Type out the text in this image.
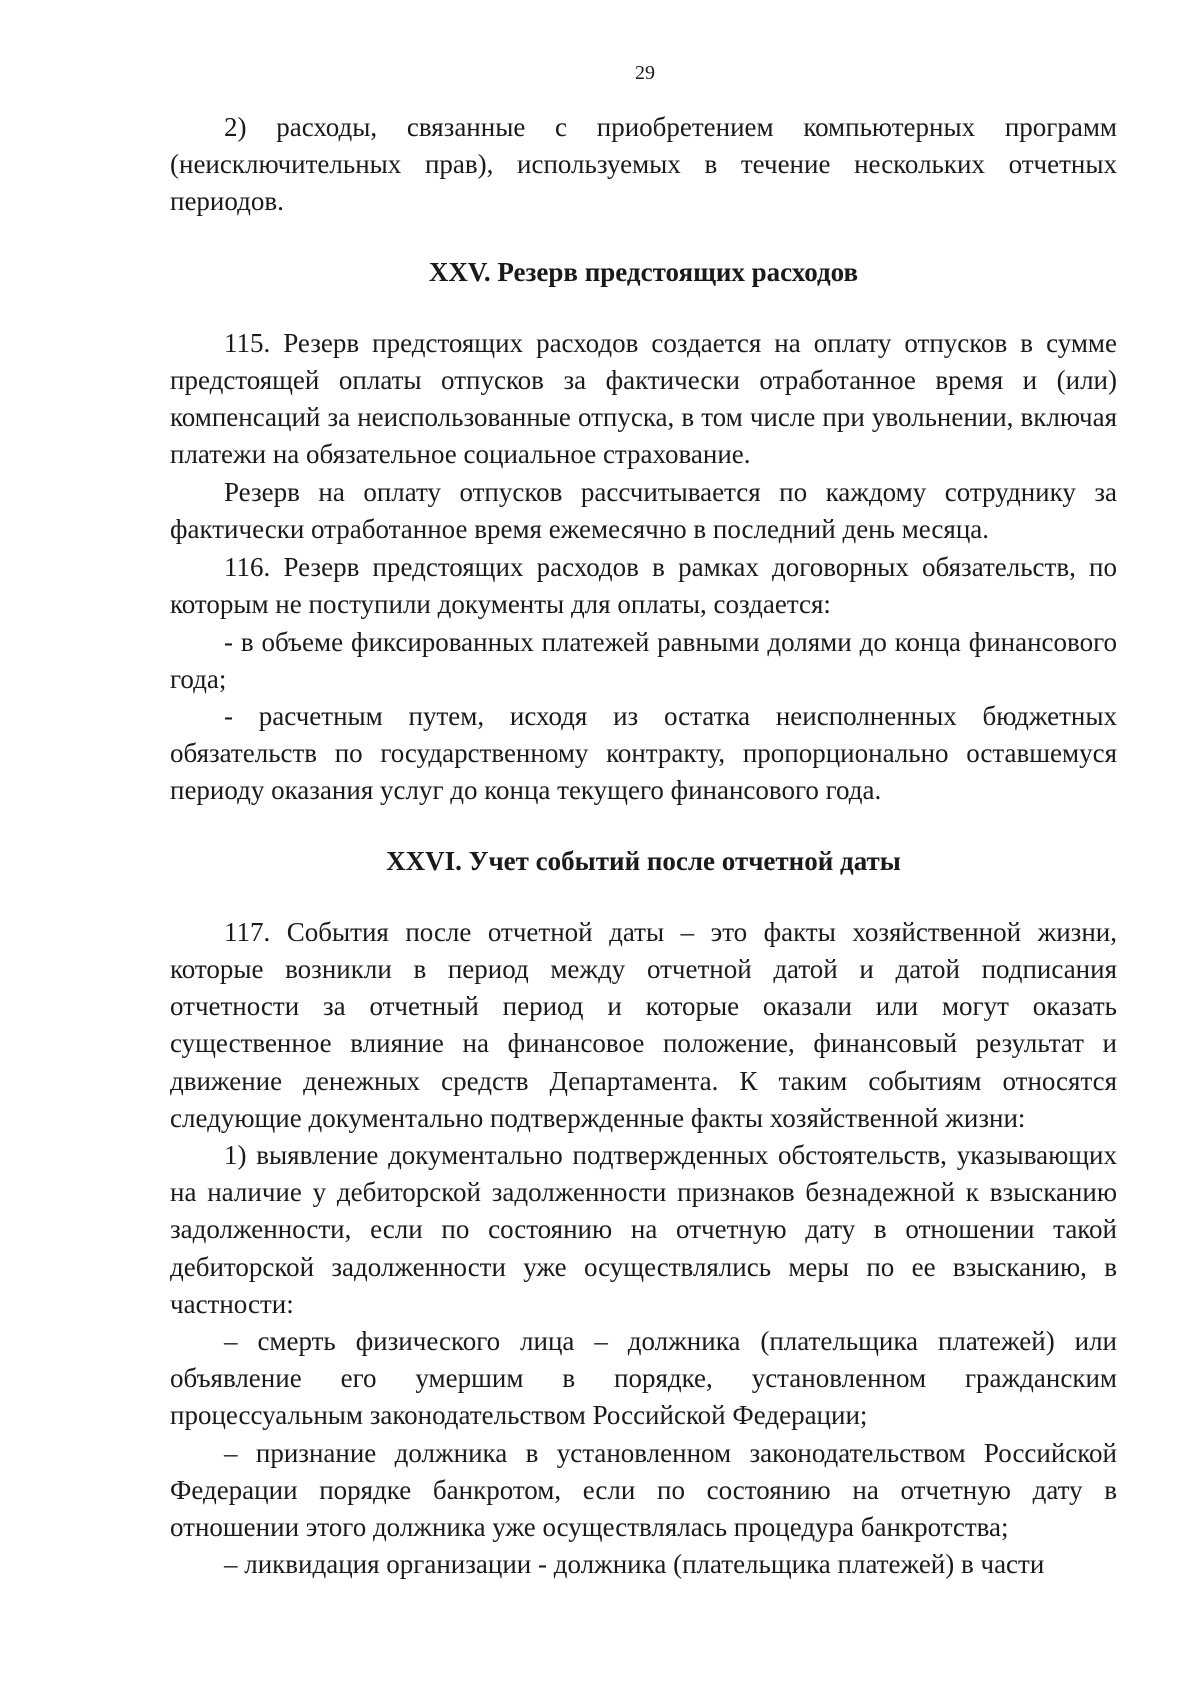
29

2) расходы, связанные с приобретением компьютерных программ (неисключительных прав), используемых в течение нескольких отчетных периодов.

XXV. Резерв предстоящих расходов

115. Резерв предстоящих расходов создается на оплату отпусков в сумме предстоящей оплаты отпусков за фактически отработанное время и (или) компенсаций за неиспользованные отпуска, в том числе при увольнении, включая платежи на обязательное социальное страхование.

Резерв на оплату отпусков рассчитывается по каждому сотруднику за фактически отработанное время ежемесячно в последний день месяца.

116. Резерв предстоящих расходов в рамках договорных обязательств, по которым не поступили документы для оплаты, создается:

- в объеме фиксированных платежей равными долями до конца финансового года;

- расчетным путем, исходя из остатка неисполненных бюджетных обязательств по государственному контракту, пропорционально оставшемуся периоду оказания услуг до конца текущего финансового года.

XXVI. Учет событий после отчетной даты

117. События после отчетной даты – это факты хозяйственной жизни, которые возникли в период между отчетной датой и датой подписания отчетности за отчетный период и которые оказали или могут оказать существенное влияние на финансовое положение, финансовый результат и движение денежных средств Департамента. К таким событиям относятся следующие документально подтвержденные факты хозяйственной жизни:

1) выявление документально подтвержденных обстоятельств, указывающих на наличие у дебиторской задолженности признаков безнадежной к взысканию задолженности, если по состоянию на отчетную дату в отношении такой дебиторской задолженности уже осуществлялись меры по ее взысканию, в частности:

– смерть физического лица – должника (плательщика платежей) или объявление его умершим в порядке, установленном гражданским процессуальным законодательством Российской Федерации;

– признание должника в установленном законодательством Российской Федерации порядке банкротом, если по состоянию на отчетную дату в отношении этого должника уже осуществлялась процедура банкротства;

– ликвидация организации - должника (плательщика платежей) в части
